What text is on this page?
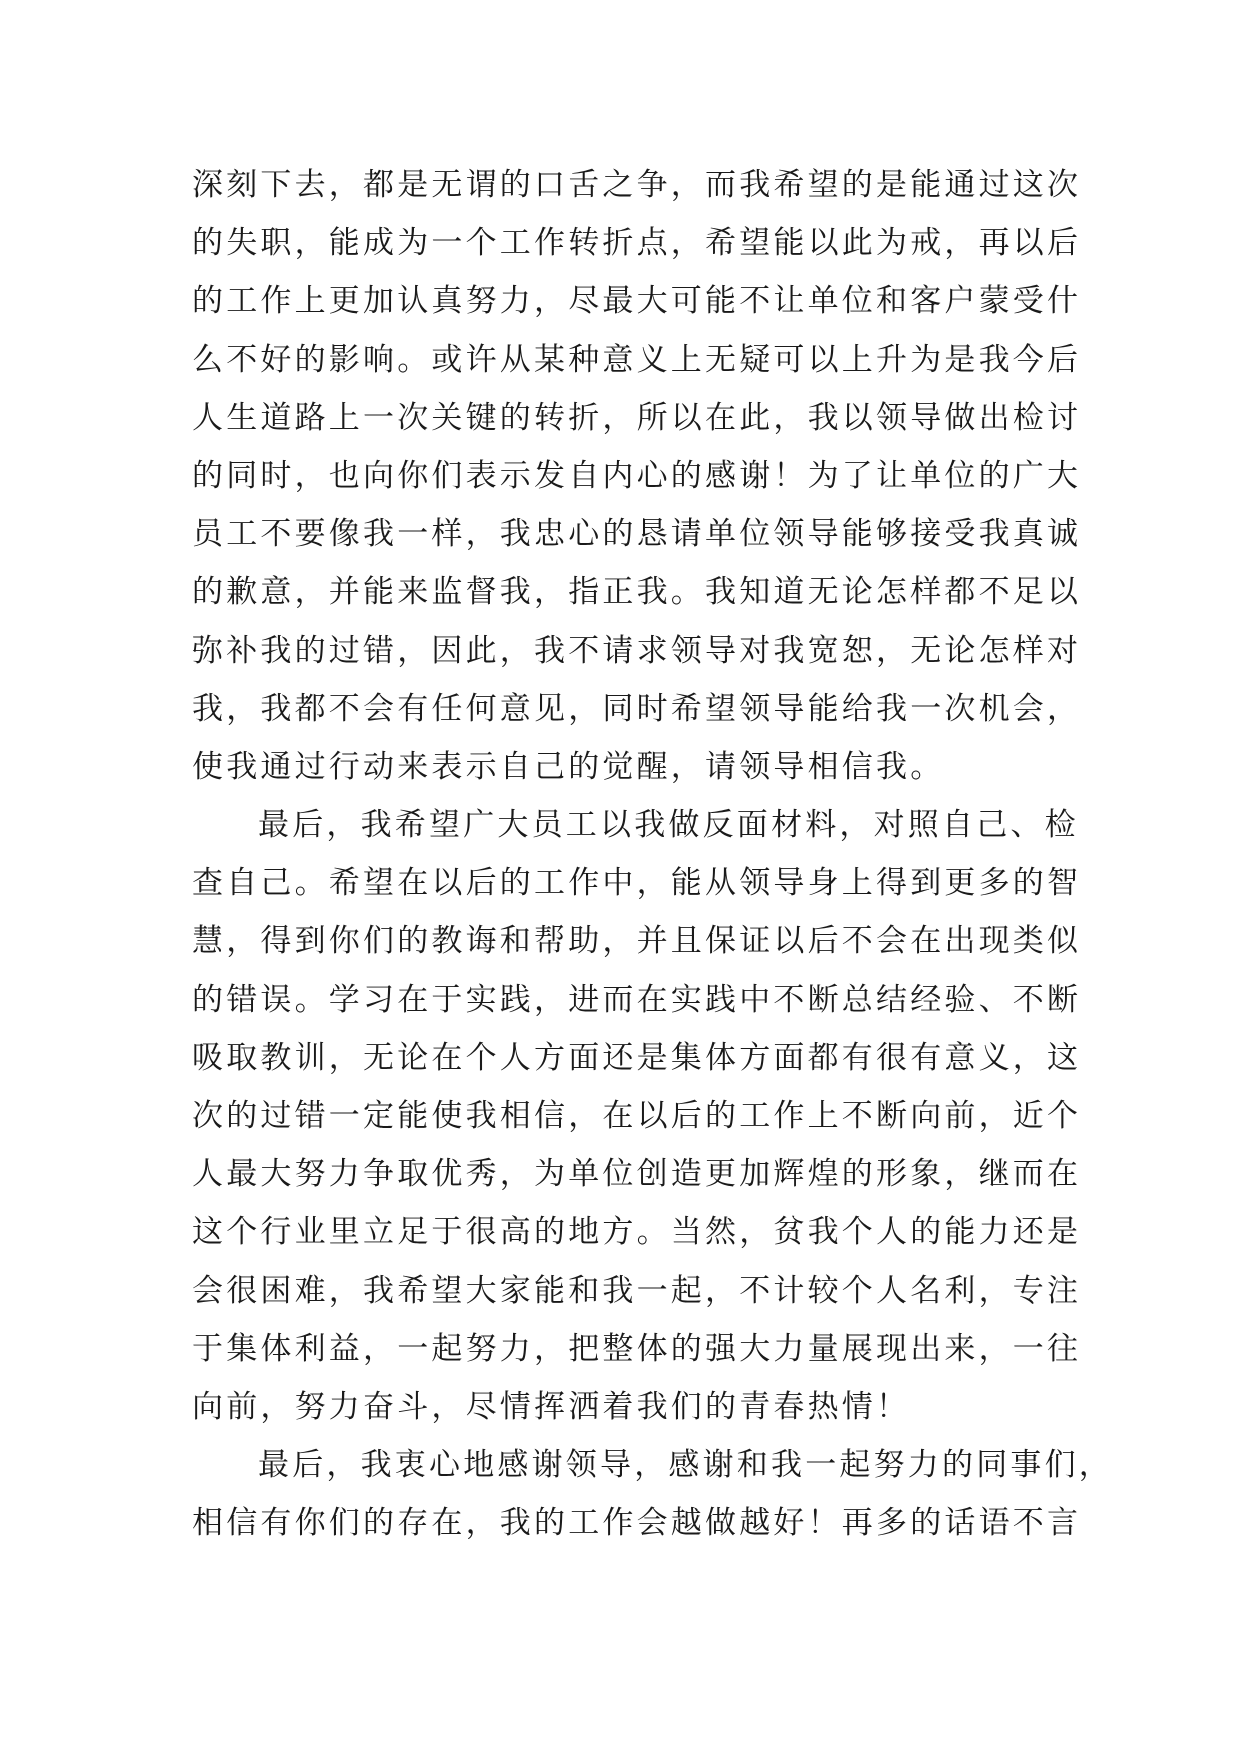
深刻下去，都是无谓的口舌之争，而我希望的是能通过这次
的失职，能成为一个工作转折点，希望能以此为戒，再以后
的工作上更加认真努力，尽最大可能不让单位和客户蒙受什
么不好的影响。或许从某种意义上无疑可以上升为是我今后
人生道路上一次关键的转折，所以在此，我以领导做出检讨
的同时，也向你们表示发自内心的感谢！为了让单位的广大
员工不要像我一样，我忠心的恳请单位领导能够接受我真诚
的歉意，并能来监督我，指正我。我知道无论怎样都不足以
弥补我的过错，因此，我不请求领导对我宽恕，无论怎样对
我，我都不会有任何意见，同时希望领导能给我一次机会，
使我通过行动来表示自己的觉醒，请领导相信我。
最后，我希望广大员工以我做反面材料，对照自己、检
查自己。希望在以后的工作中，能从领导身上得到更多的智
慧，得到你们的教诲和帮助，并且保证以后不会在出现类似
的错误。学习在于实践，进而在实践中不断总结经验、不断
吸取教训，无论在个人方面还是集体方面都有很有意义，这
次的过错一定能使我相信，在以后的工作上不断向前，近个
人最大努力争取优秀，为单位创造更加辉煌的形象，继而在
这个行业里立足于很高的地方。当然，贫我个人的能力还是
会很困难，我希望大家能和我一起，不计较个人名利，专注
于集体利益，一起努力，把整体的强大力量展现出来，一往
向前，努力奋斗，尽情挥洒着我们的青春热情！
最后，我衷心地感谢领导，感谢和我一起努力的同事们，
相信有你们的存在，我的工作会越做越好！再多的话语不言
